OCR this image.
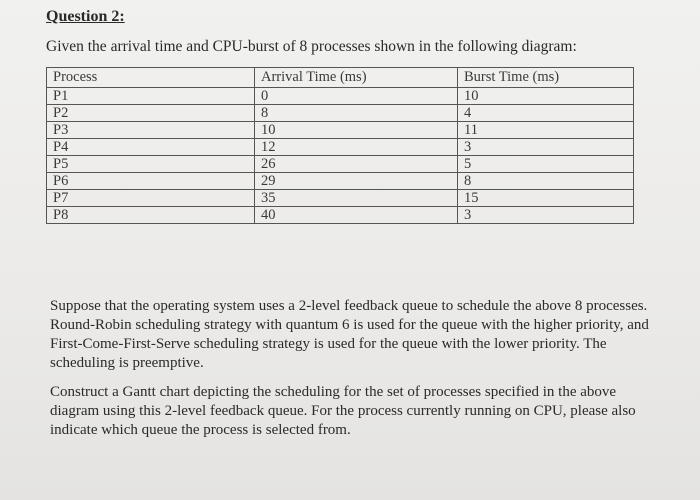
Question 2:
Given the arrival time and CPU-burst of 8 processes shown in the following diagram:
Process	Arrival Time (ms)	Burst Time (ms)
P1	0	10
P2	8	4
P3	10	11
P4	12	3
P5	26	5
P6	29	8
P7	35	15
P8	40	3
Suppose that the operating system uses a 2-level feedback queue to schedule the above 8 processes. Round-Robin scheduling strategy with quantum 6 is used for the queue with the higher priority, and First-Come-First-Serve scheduling strategy is used for the queue with the lower priority. The scheduling is preemptive.
Construct a Gantt chart depicting the scheduling for the set of processes specified in the above diagram using this 2-level feedback queue. For the process currently running on CPU, please also indicate which queue the process is selected from.
